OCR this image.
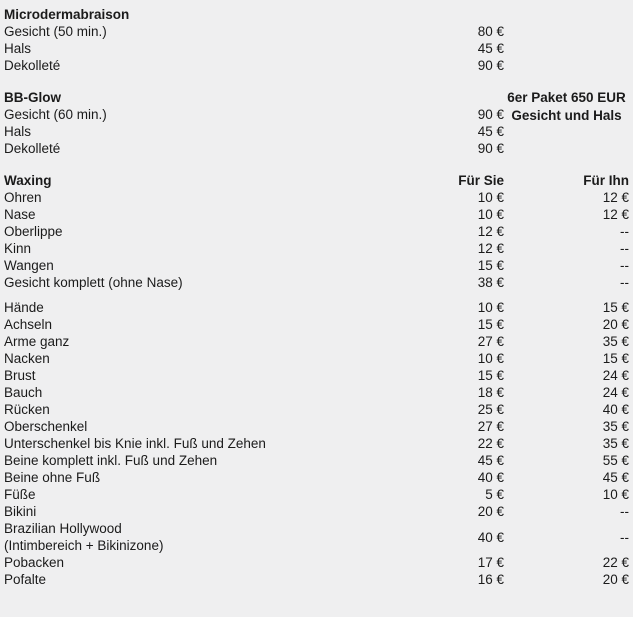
Microdermabraison		
Gesicht (50 min.)	80 €	
Hals	45 €	
Dekolleté	90 €	

BB-Glow		6er Paket 650 EUR
Gesicht und Hals

Gesicht (60 min.)	90 €	
Hals	45 €	
Dekolleté	90 €	

Waxing	Für Sie	Für Ihn
Ohren	10 €	12 €
Nase	10 €	12 €
Oberlippe	12 €	--
Kinn	12 €	--
Wangen	15 €	--
Gesicht komplett (ohne Nase)	38 €	--

Hände	10 €	15 €
Achseln	15 €	20 €
Arme ganz	27 €	35 €
Nacken	10 €	15 €
Brust	15 €	24 €
Bauch	18 €	24 €
Rücken	25 €	40 €
Oberschenkel	27 €	35 €
Unterschenkel bis Knie inkl. Fuß und Zehen	22 €	35 €
Beine komplett inkl. Fuß und Zehen	45 €	55 €
Beine ohne Fuß	40 €	45 €
Füße	5 €	10 €
Bikini	20 €	--

Brazilian Hollywood
(Intimbereich + Bikinizone)	40 €	--
Pobacken	17 €	22 €
Pofalte	16 €	20 €
